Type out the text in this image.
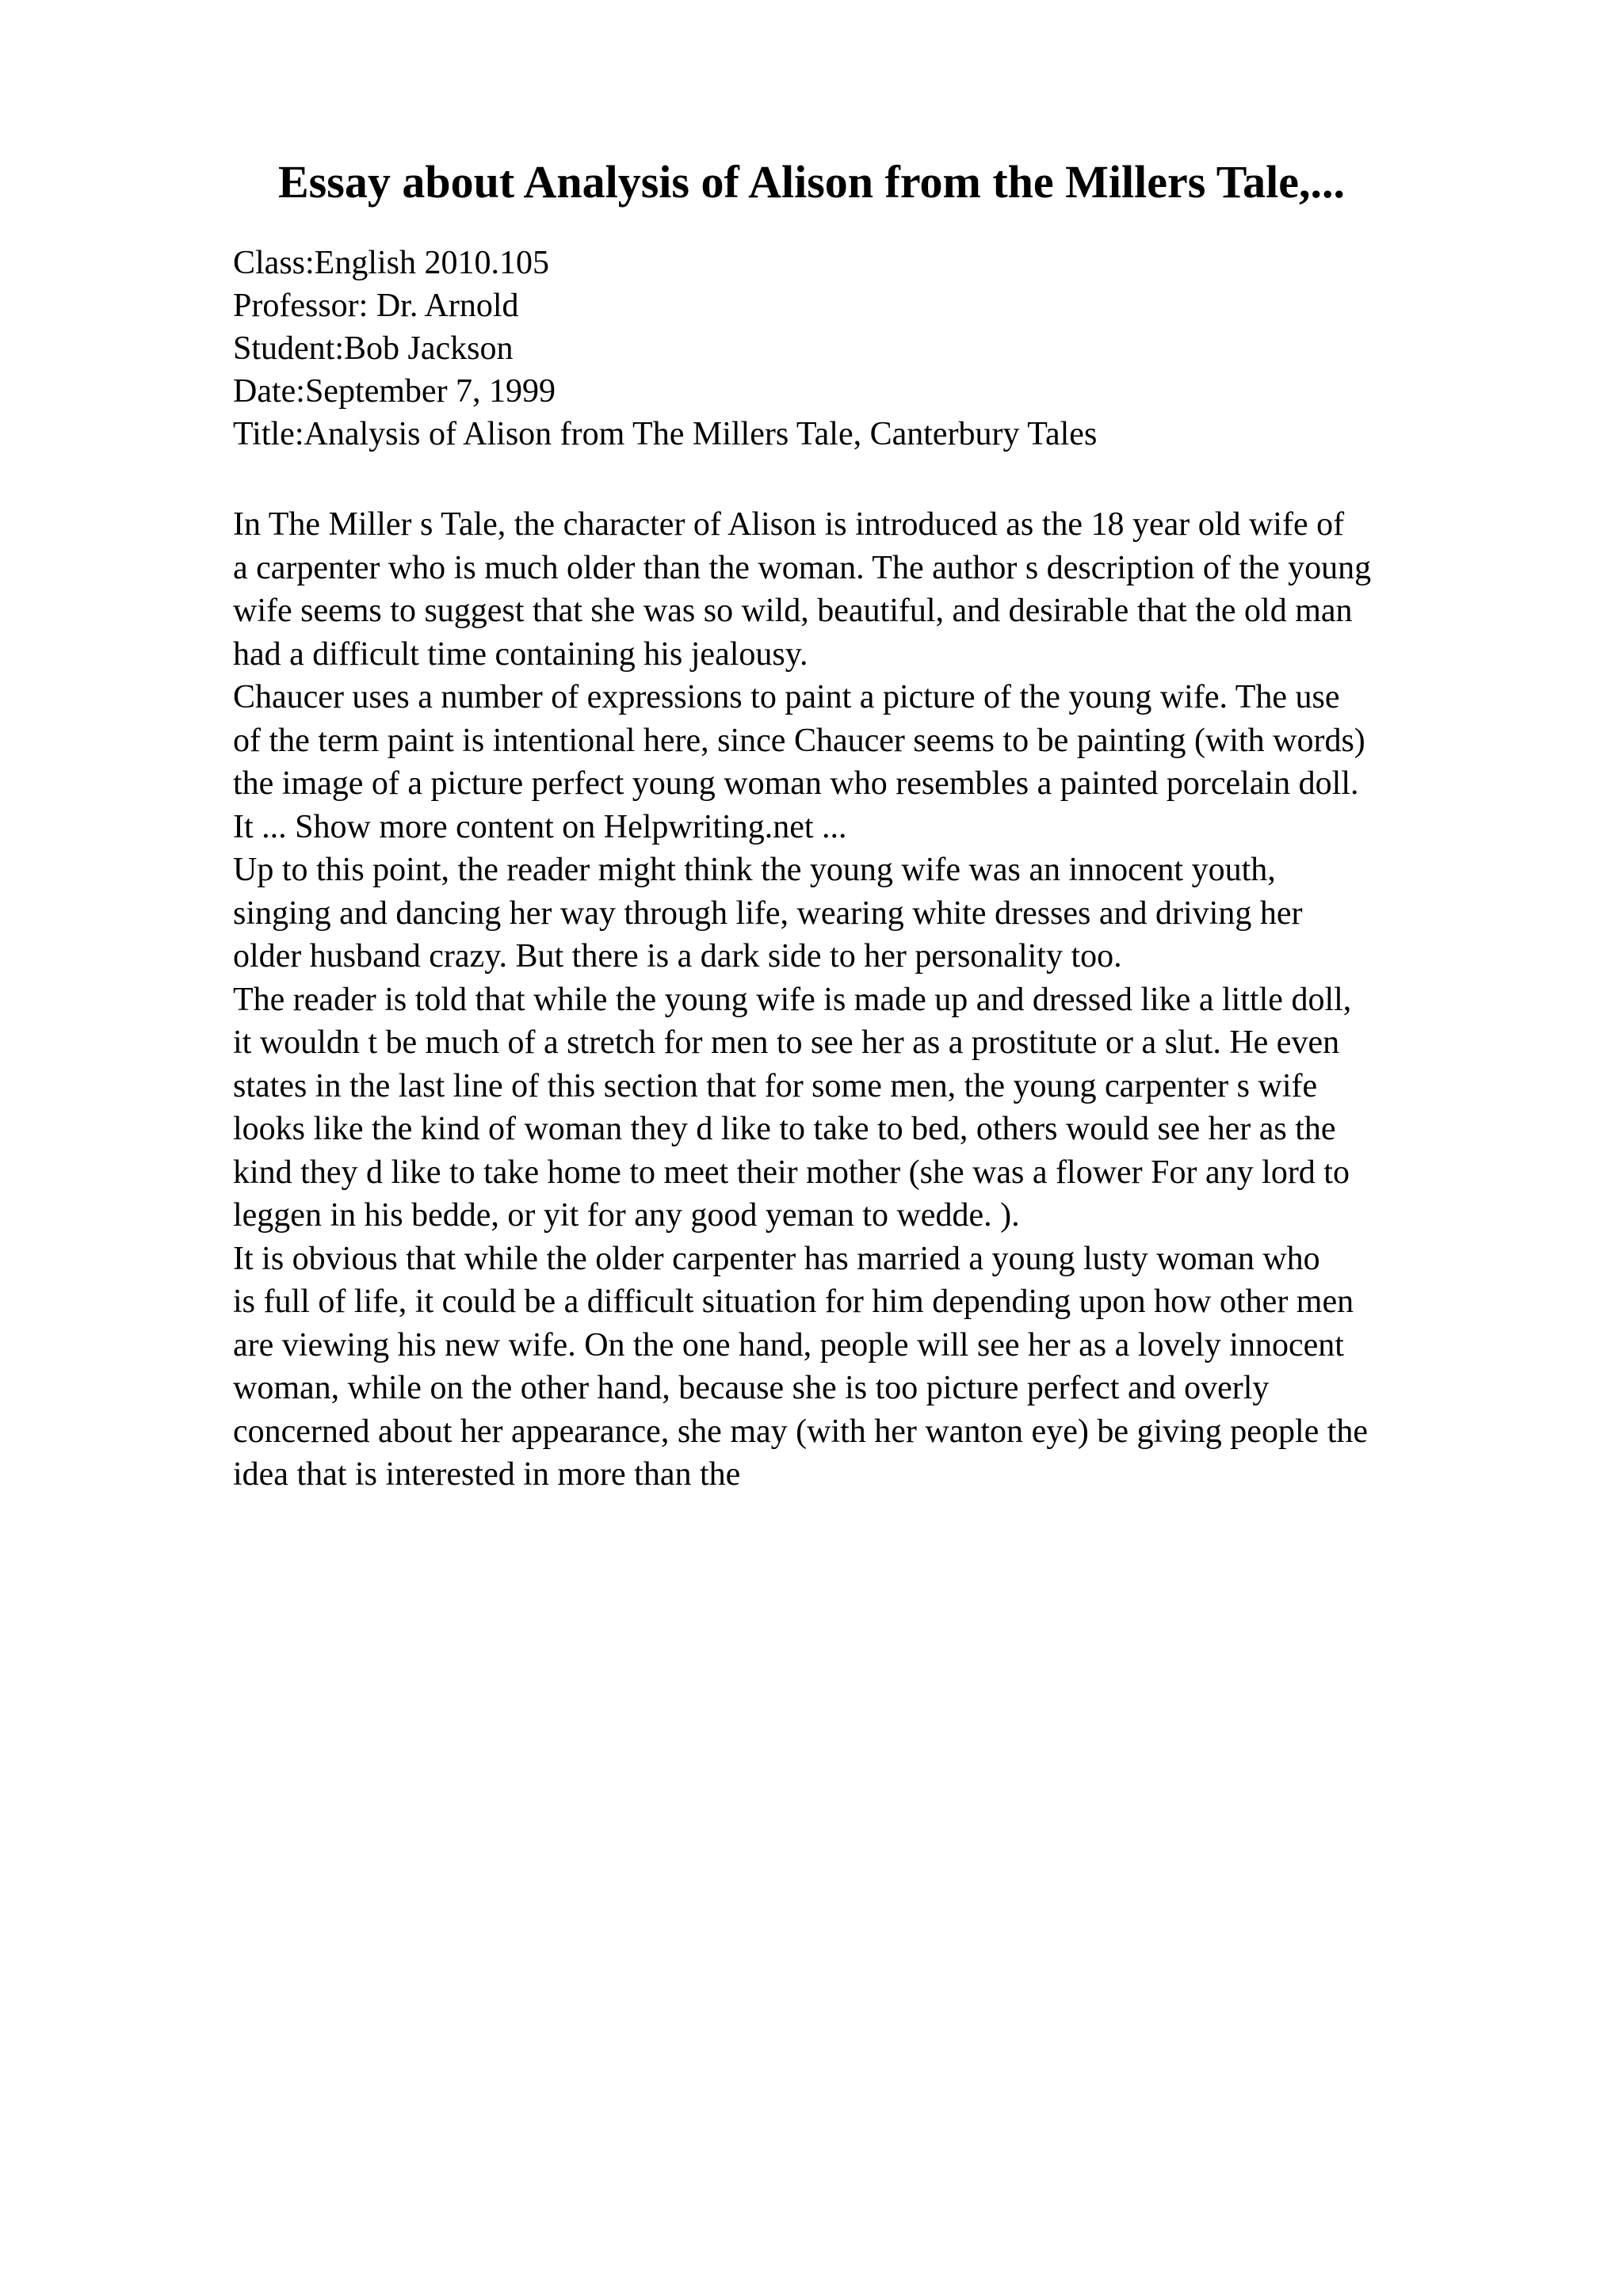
Essay about Analysis of Alison from the Millers Tale,...
Class:English 2010.105
Professor: Dr. Arnold
Student:Bob Jackson
Date:September 7, 1999
Title:Analysis of Alison from The Millers Tale, Canterbury Tales
In The Miller s Tale, the character of Alison is introduced as the 18 year old wife of
a carpenter who is much older than the woman. The author s description of the young
wife seems to suggest that she was so wild, beautiful, and desirable that the old man
had a difficult time containing his jealousy.
Chaucer uses a number of expressions to paint a picture of the young wife. The use
of the term paint is intentional here, since Chaucer seems to be painting (with words)
the image of a picture perfect young woman who resembles a painted porcelain doll.
It ... Show more content on Helpwriting.net ...
Up to this point, the reader might think the young wife was an innocent youth,
singing and dancing her way through life, wearing white dresses and driving her
older husband crazy. But there is a dark side to her personality too.
The reader is told that while the young wife is made up and dressed like a little doll,
it wouldn t be much of a stretch for men to see her as a prostitute or a slut. He even
states in the last line of this section that for some men, the young carpenter s wife
looks like the kind of woman they d like to take to bed, others would see her as the
kind they d like to take home to meet their mother (she was a flower For any lord to
leggen in his bedde, or yit for any good yeman to wedde. ).
It is obvious that while the older carpenter has married a young lusty woman who
is full of life, it could be a difficult situation for him depending upon how other men
are viewing his new wife. On the one hand, people will see her as a lovely innocent
woman, while on the other hand, because she is too picture perfect and overly
concerned about her appearance, she may (with her wanton eye) be giving people the
idea that is interested in more than the
